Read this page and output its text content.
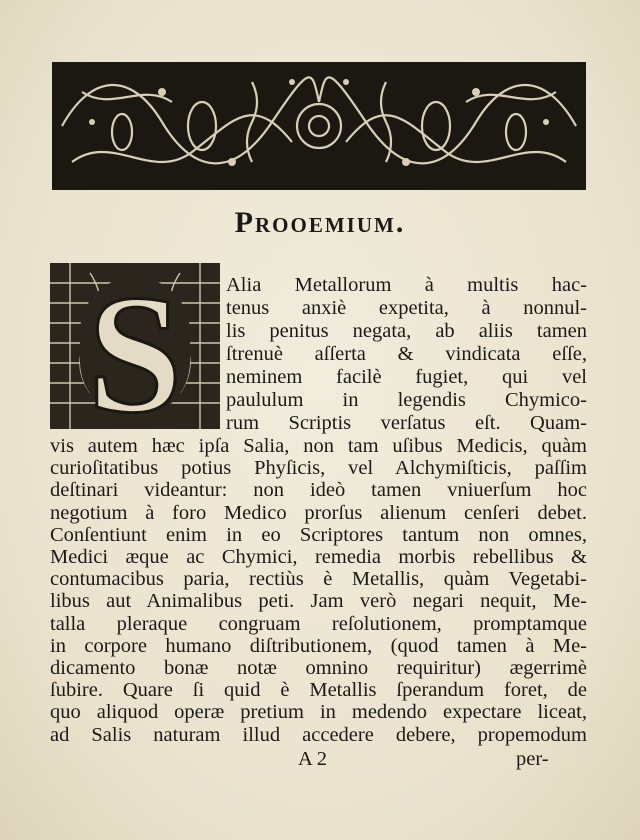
Prooemium.
S Alia Metallorum à multis hac-
tenus anxiè expetita, à nonnul-
lis penitus negata, ab aliis tamen
ſtrenuè aſſerta & vindicata eſſe,
neminem facilè fugiet, qui vel
paululum in legendis Chymico-
rum Scriptis verſatus eſt. Quam-
vis autem hæc ipſa Salia, non tam uſibus Medicis, quàm
curioſitatibus potius Phyſicis, vel Alchymiſticis, paſſim
deſtinari videantur: non ideò tamen vniuerſum hoc
negotium à foro Medico prorſus alienum cenſeri debet.
Conſentiunt enim in eo Scriptores tantum non omnes,
Medici æque ac Chymici, remedia morbis rebellibus &
contumacibus paria, rectiùs è Metallis, quàm Vegetabi-
libus aut Animalibus peti. Jam verò negari nequit, Me-
talla pleraque congruam reſolutionem, promptamque
in corpore humano diſtributionem, (quod tamen à Me-
dicamento bonæ notæ omnino requiritur) ægerrimè
ſubire. Quare ſi quid è Metallis ſperandum foret, de
quo aliquod operæ pretium in medendo expectare liceat,
ad Salis naturam illud accedere debere, propemodum
A 2	per-
